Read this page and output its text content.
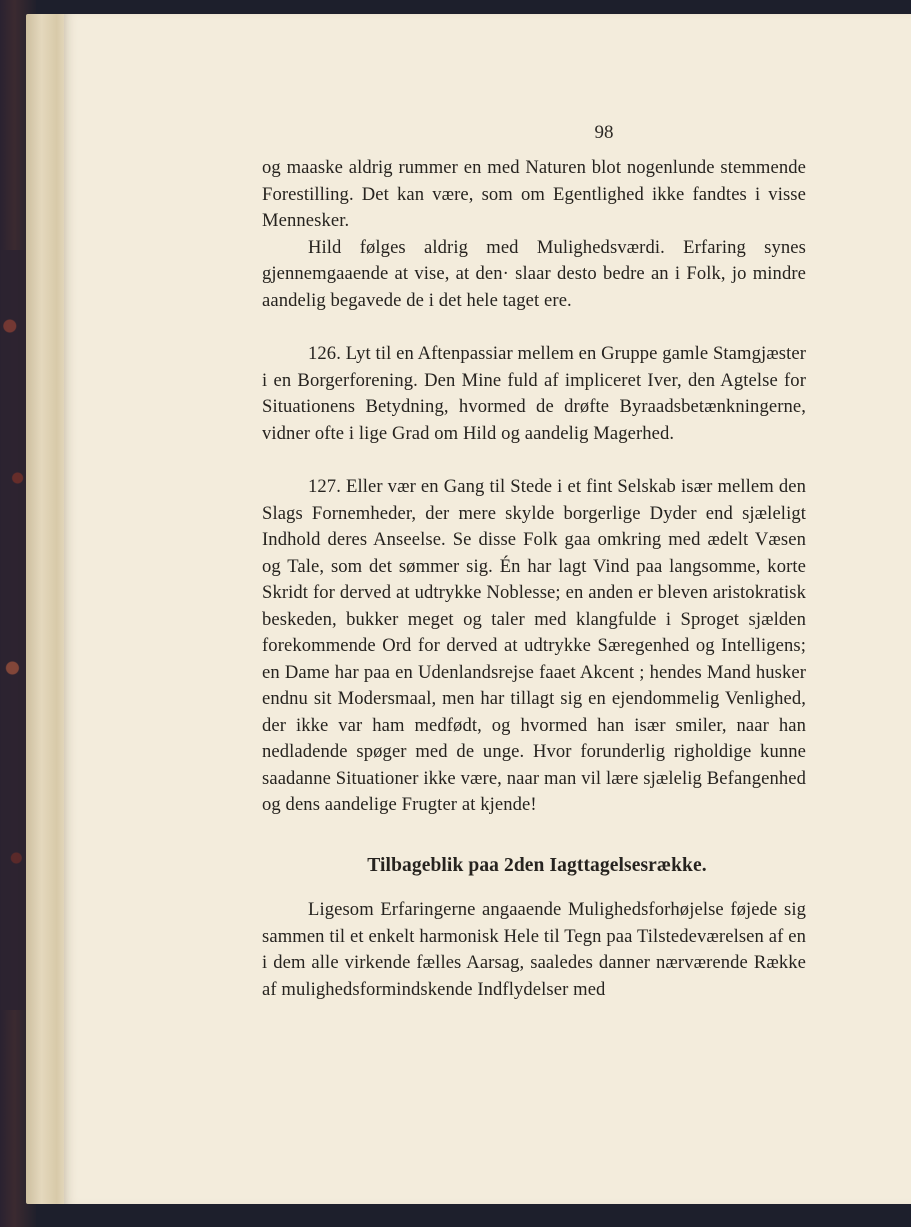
98

og maaske aldrig rummer en med Naturen blot nogenlunde stemmende Forestilling. Det kan være, som om Egentlighed ikke fandtes i visse Mennesker.

Hild følges aldrig med Mulighedsværdi. Erfaring synes gjennemgaaende at vise, at den· slaar desto bedre an i Folk, jo mindre aandelig begavede de i det hele taget ere.

126. Lyt til en Aftenpassiar mellem en Gruppe gamle Stamgjæster i en Borgerforening. Den Mine fuld af impliceret Iver, den Agtelse for Situationens Betydning, hvormed de drøfte Byraadsbetænkningerne, vidner ofte i lige Grad om Hild og aandelig Magerhed.

127. Eller vær en Gang til Stede i et fint Selskab især mellem den Slags Fornemheder, der mere skylde borgerlige Dyder end sjæleligt Indhold deres Anseelse. Se disse Folk gaa omkring med ædelt Væsen og Tale, som det sømmer sig. Én har lagt Vind paa langsomme, korte Skridt for derved at udtrykke Noblesse; en anden er bleven aristokratisk beskeden, bukker meget og taler med klangfulde i Sproget sjælden forekommende Ord for derved at udtrykke Særegenhed og Intelligens; en Dame har paa en Udenlandsrejse faaet Akcent ; hendes Mand husker endnu sit Modersmaal, men har tillagt sig en ejendommelig Venlighed, der ikke var ham medfødt, og hvormed han især smiler, naar han nedladende spøger med de unge. Hvor forunderlig righoldige kunne saadanne Situationer ikke være, naar man vil lære sjælelig Befangenhed og dens aandelige Frugter at kjende!

Tilbageblik paa 2den Iagttagelsesrække.

Ligesom Erfaringerne angaaende Mulighedsforhøjelse føjede sig sammen til et enkelt harmonisk Hele til Tegn paa Tilstedeværelsen af en i dem alle virkende fælles Aarsag, saaledes danner nærværende Række af mulighedsformindskende Indflydelser med
